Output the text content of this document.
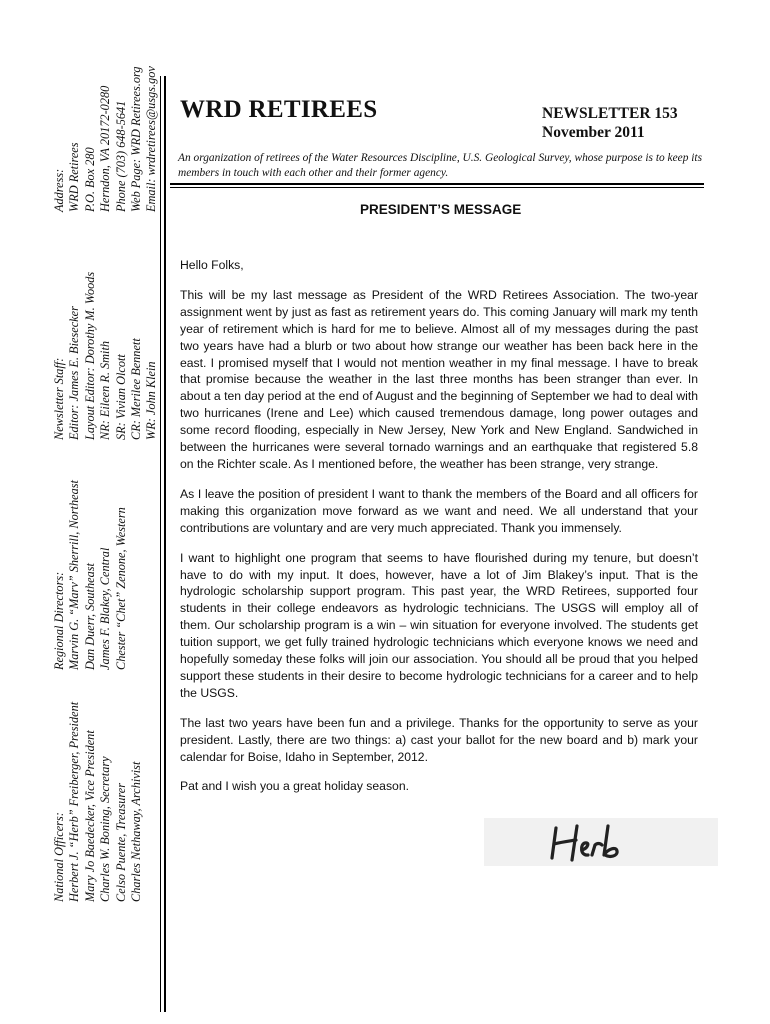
National Officers: Herbert J. “Herb” Freiberger, President Mary Jo Baedecker, Vice President Charles W. Boning, Secretary Celso Puente, Treasurer Charles Nethaway, Archivist
Regional Directors: Marvin G. “Marv” Sherrill, Northeast Dan Duerr, Southeast James F. Blakey, Central Chester “Chet” Zenone, Western
Newsletter Staff: Editor: James E. Biesecker Layout Editor: Dorothy M. Woods NR: Eileen R. Smith SR: Vivian Olcott CR: Merilee Bennett WR: John Klein
Address: WRD Retirees P.O. Box 280 Herndon, VA 20172-0280 Phone (703) 648-5641 Web Page: WRD Retirees.org Email: wrdretirees@usgs.gov WRD RETIREES	NEWSLETTER 153
November 2011
An organization of retirees of the Water Resources Discipline, U.S. Geological Survey, whose purpose is to keep its members in touch with each other and their former agency.
PRESIDENT’S MESSAGE

Hello Folks,

This will be my last message as President of the WRD Retirees Association. The two-year assignment went by just as fast as retirement years do. This coming January will mark my tenth year of retirement which is hard for me to believe. Almost all of my messages during the past two years have had a blurb or two about how strange our weather has been back here in the east. I promised myself that I would not mention weather in my final message. I have to break that promise because the weather in the last three months has been stranger than ever. In about a ten day period at the end of August and the beginning of September we had to deal with two hurricanes (Irene and Lee) which caused tremendous damage, long power outages and some record flooding, especially in New Jersey, New York and New England. Sandwiched in between the hurricanes were several tornado warnings and an earthquake that registered 5.8 on the Richter scale. As I mentioned before, the weather has been strange, very strange.

As I leave the position of president I want to thank the members of the Board and all officers for making this organization move forward as we want and need. We all understand that your contributions are voluntary and are very much appreciated. Thank you immensely.

I want to highlight one program that seems to have flourished during my tenure, but doesn’t have to do with my input. It does, however, have a lot of Jim Blakey’s input. That is the hydrologic scholarship support program. This past year, the WRD Retirees, supported four students in their college endeavors as hydrologic technicians. The USGS will employ all of them. Our scholarship program is a win – win situation for everyone involved. The students get tuition support, we get fully trained hydrologic technicians which everyone knows we need and hopefully someday these folks will join our association. You should all be proud that you helped support these students in their desire to become hydrologic technicians for a career and to help the USGS.

The last two years have been fun and a privilege. Thanks for the opportunity to serve as your president. Lastly, there are two things: a) cast your ballot for the new board and b) mark your calendar for Boise, Idaho in September, 2012.

Pat and I wish you a great holiday season.
